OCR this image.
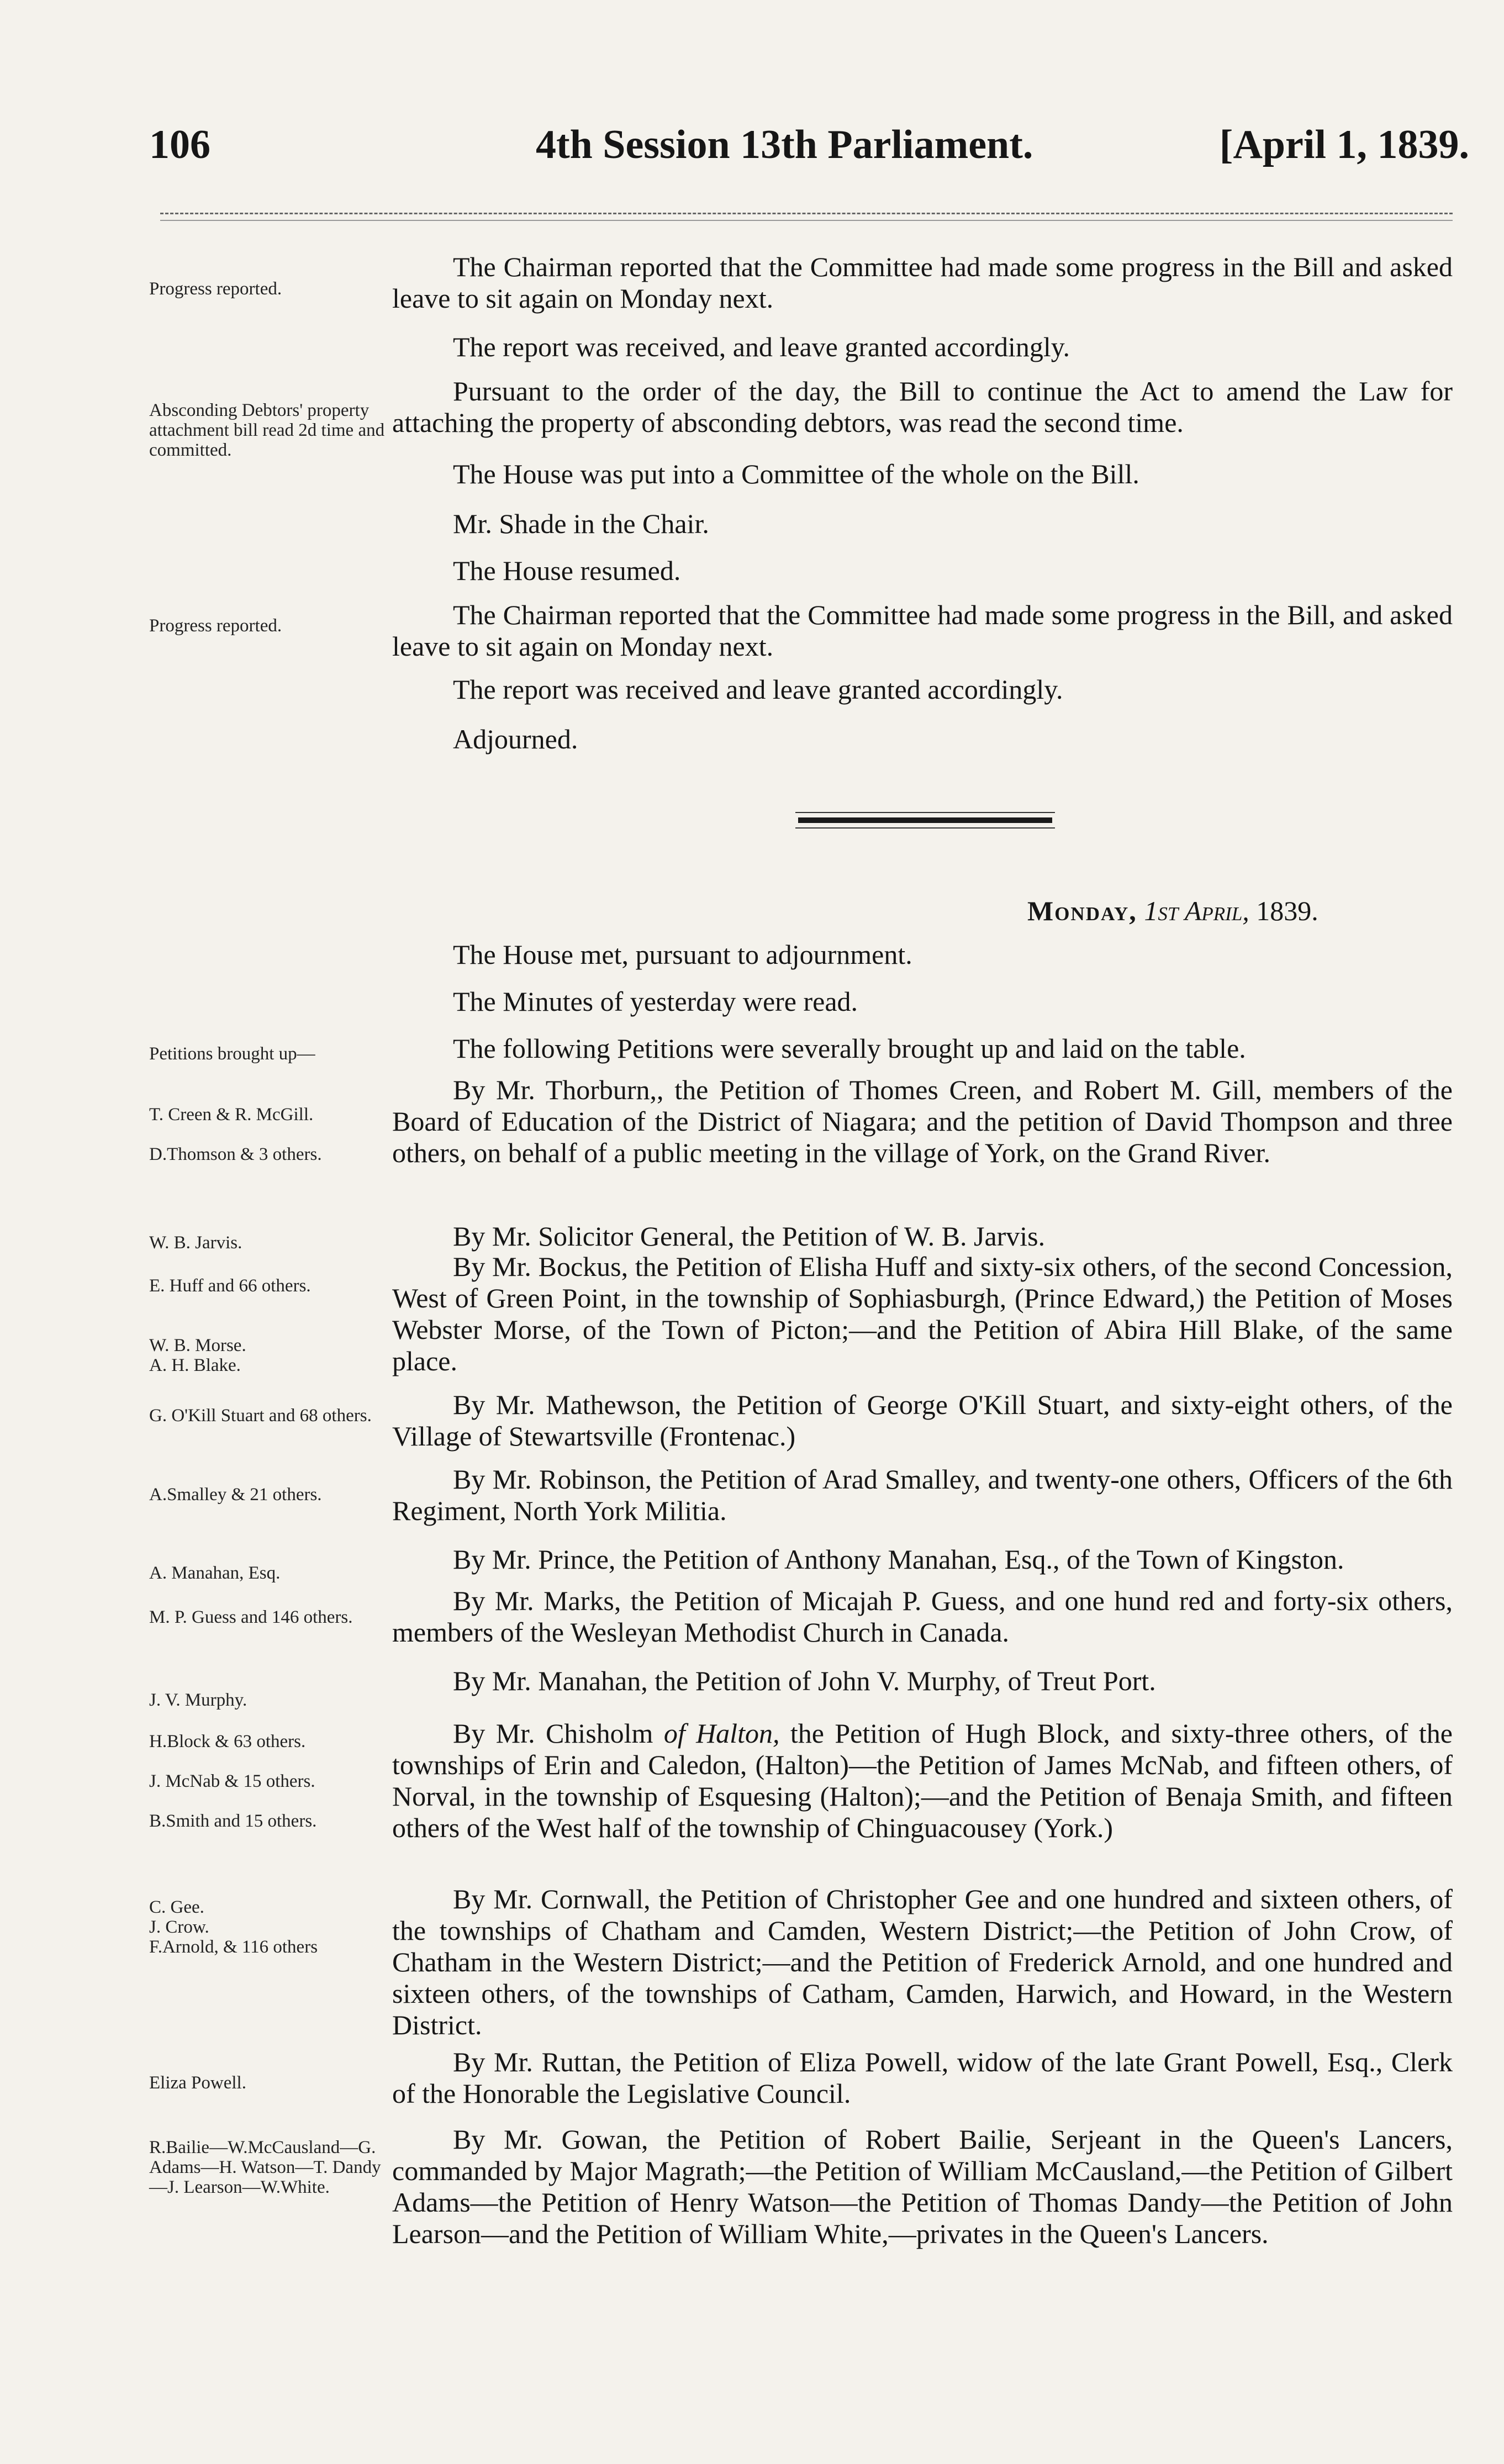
106	4th Session 13th Parliament.	[April 1, 1839.
Progress reported.

The Chairman reported that the Committee had made some progress in the Bill and asked leave to sit again on Monday next.

The report was received, and leave granted accordingly.

Absconding Debtors' property attachment bill read 2d time and committed.

Pursuant to the order of the day, the Bill to continue the Act to amend the Law for attaching the property of absconding debtors, was read the second time.

The House was put into a Committee of the whole on the Bill.

Mr. Shade in the Chair.

The House resumed.

Progress reported.	The Chairman reported that the Committee had made some progress in the Bill, and asked leave to sit again on Monday next.

The report was received and leave granted accordingly.

Adjourned.

Monday, 1st April, 1839.

The House met, pursuant to adjournment.

The Minutes of yesterday were read.

Petitions brought up—	The following Petitions were severally brought up and laid on the table.

T. Creen & R. McGill.

D.Thomson & 3 others.

By Mr. Thorburn,, the Petition of Thomes Creen, and Robert M. Gill, members of the Board of Education of the District of Niagara; and the petition of David Thompson and three others, on behalf of a public meeting in the village of York, on the Grand River.

W. B. Jarvis.	By Mr. Solicitor General, the Petition of W. B. Jarvis.

E. Huff and 66 others.

W. B. Morse.
A. H. Blake.

By Mr. Bockus, the Petition of Elisha Huff and sixty-six others, of the second Concession, West of Green Point, in the township of Sophiasburgh, (Prince Edward,) the Petition of Moses Webster Morse, of the Town of Picton;—and the Petition of Abira Hill Blake, of the same place.

G. O'Kill Stuart and 68 others.	By Mr. Mathewson, the Petition of George O'Kill Stuart, and sixty-eight others, of the Village of Stewartsville (Frontenac.)

A.Smalley & 21 others.	By Mr. Robinson, the Petition of Arad Smalley, and twenty-one others, Officers of the 6th Regiment, North York Militia.

A. Manahan, Esq.	By Mr. Prince, the Petition of Anthony Manahan, Esq., of the Town of Kingston.

M. P. Guess and 146 others.

By Mr. Marks, the Petition of Micajah P. Guess, and one hund red and forty-six others, members of the Wesleyan Methodist Church in Canada.

J. V. Murphy.

By Mr. Manahan, the Petition of John V. Murphy, of Treut Port.

H.Block & 63 others.

J. McNab & 15 others.

B.Smith and 15 others.

By Mr. Chisholm of Halton, the Petition of Hugh Block, and sixty-three others, of the townships of Erin and Caledon, (Halton)—the Petition of James McNab, and fifteen others, of Norval, in the township of Esquesing (Halton);—and the Petition of Benaja Smith, and fifteen others of the West half of the township of Chinguacousey (York.)

C. Gee.
J. Crow.
F.Arnold, & 116 others

By Mr. Cornwall, the Petition of Christopher Gee and one hundred and sixteen others, of the townships of Chatham and Camden, Western District;—the Petition of John Crow, of Chatham in the Western District;—and the Petition of Frederick Arnold, and one hundred and sixteen others, of the townships of Catham, Camden, Harwich, and Howard, in the Western District.

Eliza Powell.

By Mr. Ruttan, the Petition of Eliza Powell, widow of the late Grant Powell, Esq., Clerk of the Honorable the Legislative Council.

R.Bailie—W.McCausland—G. Adams—H. Watson—T. Dandy—J. Learson—W.White.

By Mr. Gowan, the Petition of Robert Bailie, Serjeant in the Queen's Lancers, commanded by Major Magrath;—the Petition of William McCausland,—the Petition of Gilbert Adams—the Petition of Henry Watson—the Petition of Thomas Dandy—the Petition of John Learson—and the Petition of William White,—privates in the Queen's Lancers.
